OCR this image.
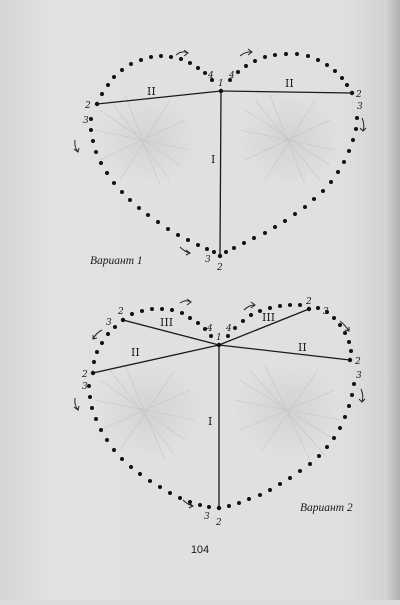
II
II
I
2
3
4 4
1
2
3
3
2
Вариант 1
III	III
II	II
I
2
3
2
3
4 4
1
2
3
2
3
3
2
Вариант 2
104
